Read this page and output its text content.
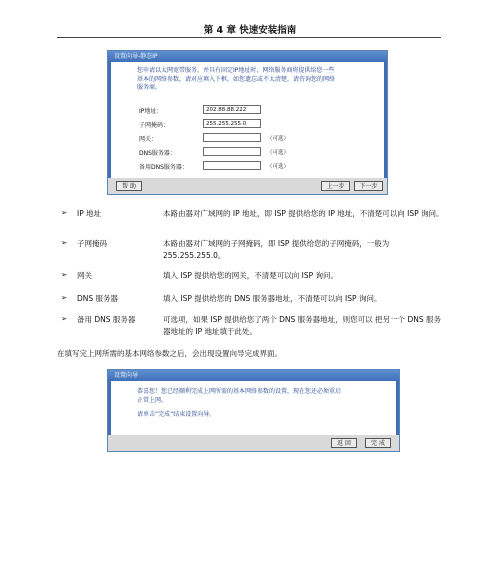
第 4 章 快速安装指南
设置向导-静态IP
您申请以太网宽带服务，并具有固定IP地址时，网络服务商将提供给您一些
基本的网络参数，请对应填入下框。如您遗忘或不太清楚，请咨询您的网络
服务商。
IP地址：	202.88.88.222
子网掩码：	255.255.255.0
网关：	（可选）
DNS服务器：	（可选）
备用DNS服务器：	（可选）
帮 助	上一步	下一步
➢ IP 地址	本路由器对广域网的 IP 地址，即 ISP 提供给您的 IP 地址，不清楚可以向 ISP 询问。
➢ 子网掩码	本路由器对广域网的子网掩码，即 ISP 提供给您的子网掩码，一般为 255.255.255.0。
➢ 网关	填入 ISP 提供给您的网关，不清楚可以向 ISP 询问。
➢ DNS 服务器	填入 ISP 提供给您的 DNS 服务器地址，不清楚可以向 ISP 询问。
➢ 备用 DNS 服务器	可选项，如果 ISP 提供给您了两个 DNS 服务器地址，则您可以 把另一个 DNS 服务器地址的 IP 地址填于此处。
在填写完上网所需的基本网络参数之后，会出现设置向导完成界面。
设置向导
恭喜您！您已经顺利完成上网所需的基本网络参数的设置，现在您还必须重启
正常上网。
请单击“完成”结束设置向导。
返 回	完 成
